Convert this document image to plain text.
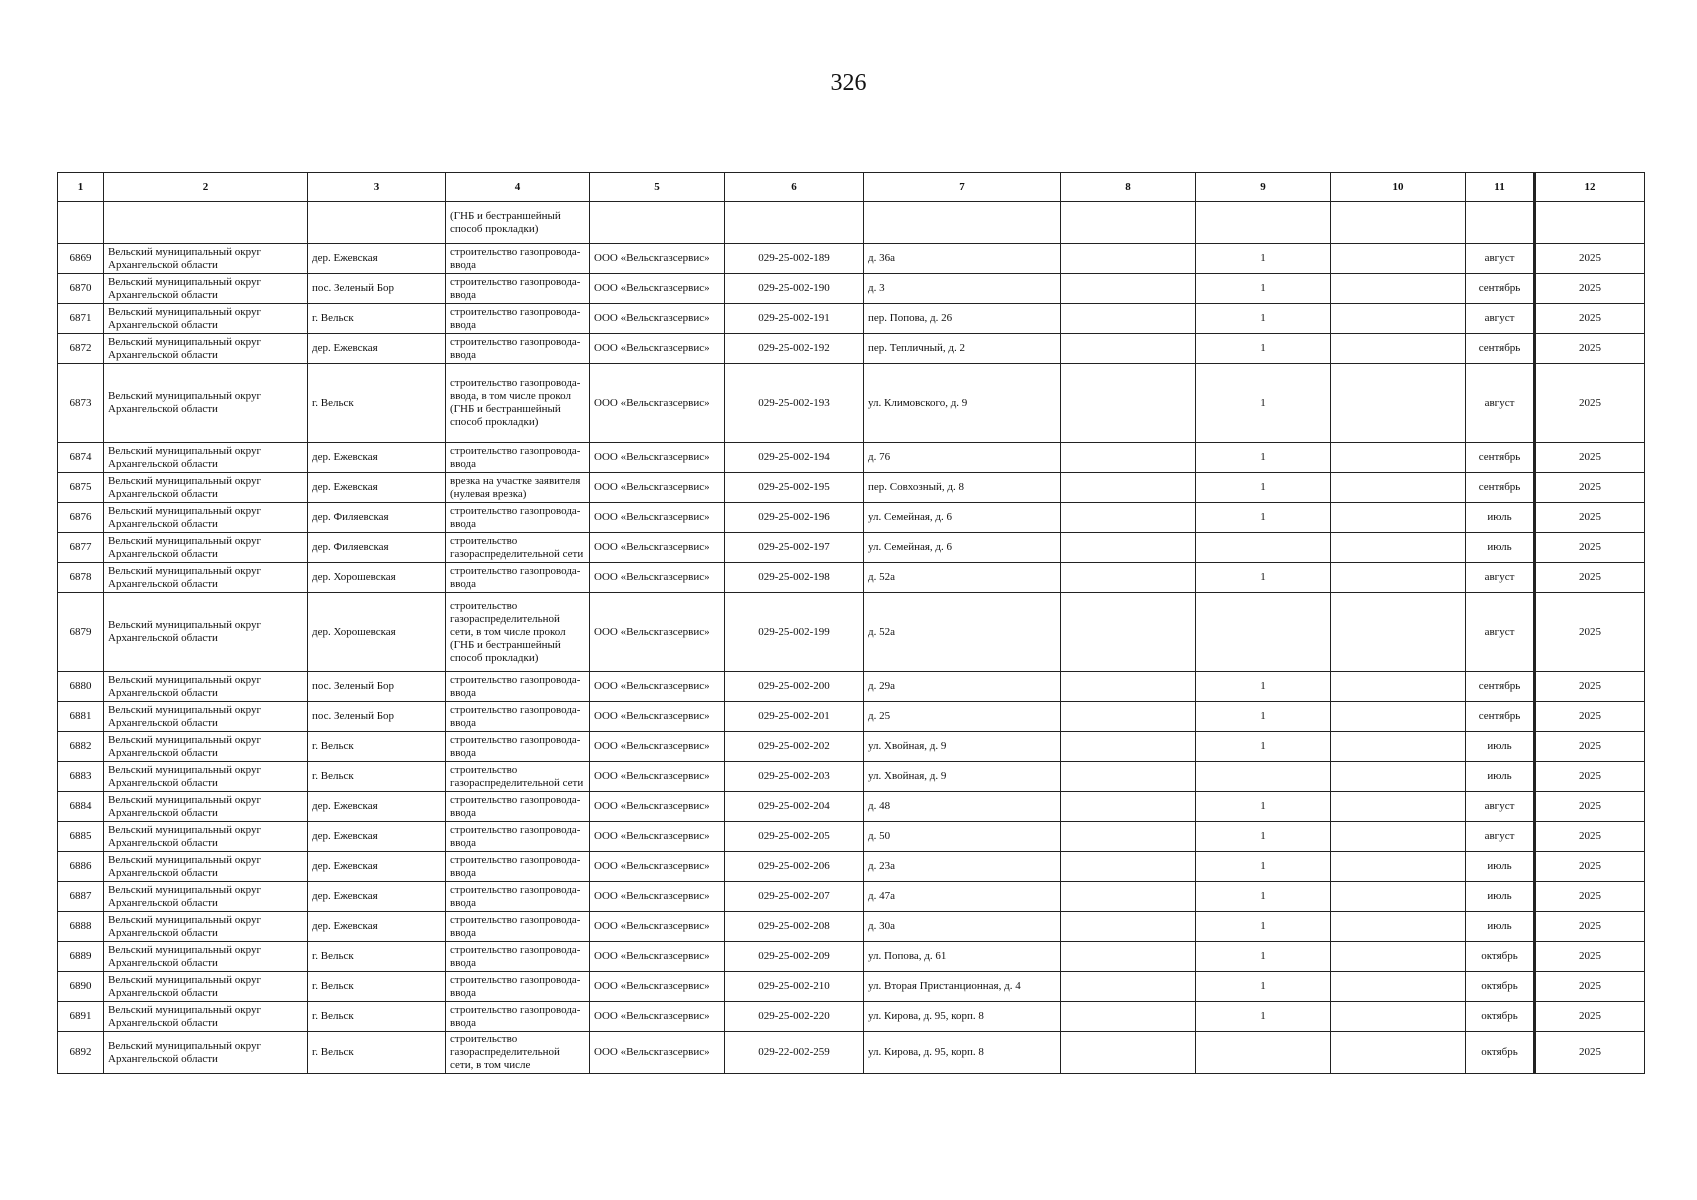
326
1	2	3	4	5	6	7	8	9	10	11	12
			(ГНБ и бестраншейный способ прокладки)								
6869	Вельский муниципальный округ Архангельской области	дер. Ежевская	строительство газопровода-ввода	ООО «Вельскгазсервис»	029-25-002-189	д. 36а		1		август	2025
6870	Вельский муниципальный округ Архангельской области	пос. Зеленый Бор	строительство газопровода-ввода	ООО «Вельскгазсервис»	029-25-002-190	д. 3		1		сентябрь	2025
6871	Вельский муниципальный округ Архангельской области	г. Вельск	строительство газопровода-ввода	ООО «Вельскгазсервис»	029-25-002-191	пер. Попова, д. 26		1		август	2025
6872	Вельский муниципальный округ Архангельской области	дер. Ежевская	строительство газопровода-ввода	ООО «Вельскгазсервис»	029-25-002-192	пер. Тепличный, д. 2		1		сентябрь	2025
6873	Вельский муниципальный округ Архангельской области	г. Вельск	строительство газопровода-ввода, в том числе прокол (ГНБ и бестраншейный способ прокладки)	ООО «Вельскгазсервис»	029-25-002-193	ул. Климовского, д. 9		1		август	2025
6874	Вельский муниципальный округ Архангельской области	дер. Ежевская	строительство газопровода-ввода	ООО «Вельскгазсервис»	029-25-002-194	д. 76		1		сентябрь	2025
6875	Вельский муниципальный округ Архангельской области	дер. Ежевская	врезка на участке заявителя (нулевая врезка)	ООО «Вельскгазсервис»	029-25-002-195	пер. Совхозный, д. 8		1		сентябрь	2025
6876	Вельский муниципальный округ Архангельской области	дер. Филяевская	строительство газопровода-ввода	ООО «Вельскгазсервис»	029-25-002-196	ул. Семейная, д. 6		1		июль	2025
6877	Вельский муниципальный округ Архангельской области	дер. Филяевская	строительство газораспределительной сети	ООО «Вельскгазсервис»	029-25-002-197	ул. Семейная, д. 6				июль	2025
6878	Вельский муниципальный округ Архангельской области	дер. Хорошевская	строительство газопровода-ввода	ООО «Вельскгазсервис»	029-25-002-198	д. 52а		1		август	2025
6879	Вельский муниципальный округ Архангельской области	дер. Хорошевская	строительство газораспределительной сети, в том числе прокол (ГНБ и бестраншейный способ прокладки)	ООО «Вельскгазсервис»	029-25-002-199	д. 52а				август	2025
6880	Вельский муниципальный округ Архангельской области	пос. Зеленый Бор	строительство газопровода-ввода	ООО «Вельскгазсервис»	029-25-002-200	д. 29а		1		сентябрь	2025
6881	Вельский муниципальный округ Архангельской области	пос. Зеленый Бор	строительство газопровода-ввода	ООО «Вельскгазсервис»	029-25-002-201	д. 25		1		сентябрь	2025
6882	Вельский муниципальный округ Архангельской области	г. Вельск	строительство газопровода-ввода	ООО «Вельскгазсервис»	029-25-002-202	ул. Хвойная, д. 9		1		июль	2025
6883	Вельский муниципальный округ Архангельской области	г. Вельск	строительство газораспределительной сети	ООО «Вельскгазсервис»	029-25-002-203	ул. Хвойная, д. 9				июль	2025
6884	Вельский муниципальный округ Архангельской области	дер. Ежевская	строительство газопровода-ввода	ООО «Вельскгазсервис»	029-25-002-204	д. 48		1		август	2025
6885	Вельский муниципальный округ Архангельской области	дер. Ежевская	строительство газопровода-ввода	ООО «Вельскгазсервис»	029-25-002-205	д. 50		1		август	2025
6886	Вельский муниципальный округ Архангельской области	дер. Ежевская	строительство газопровода-ввода	ООО «Вельскгазсервис»	029-25-002-206	д. 23а		1		июль	2025
6887	Вельский муниципальный округ Архангельской области	дер. Ежевская	строительство газопровода-ввода	ООО «Вельскгазсервис»	029-25-002-207	д. 47а		1		июль	2025
6888	Вельский муниципальный округ Архангельской области	дер. Ежевская	строительство газопровода-ввода	ООО «Вельскгазсервис»	029-25-002-208	д. 30а		1		июль	2025
6889	Вельский муниципальный округ Архангельской области	г. Вельск	строительство газопровода-ввода	ООО «Вельскгазсервис»	029-25-002-209	ул. Попова, д. 61		1		октябрь	2025
6890	Вельский муниципальный округ Архангельской области	г. Вельск	строительство газопровода-ввода	ООО «Вельскгазсервис»	029-25-002-210	ул. Вторая Пристанционная, д. 4		1		октябрь	2025
6891	Вельский муниципальный округ Архангельской области	г. Вельск	строительство газопровода-ввода	ООО «Вельскгазсервис»	029-25-002-220	ул. Кирова, д. 95, корп. 8		1		октябрь	2025
6892	Вельский муниципальный округ Архангельской области	г. Вельск	строительство газораспределительной сети, в том числе	ООО «Вельскгазсервис»	029-22-002-259	ул. Кирова, д. 95, корп. 8				октябрь	2025
